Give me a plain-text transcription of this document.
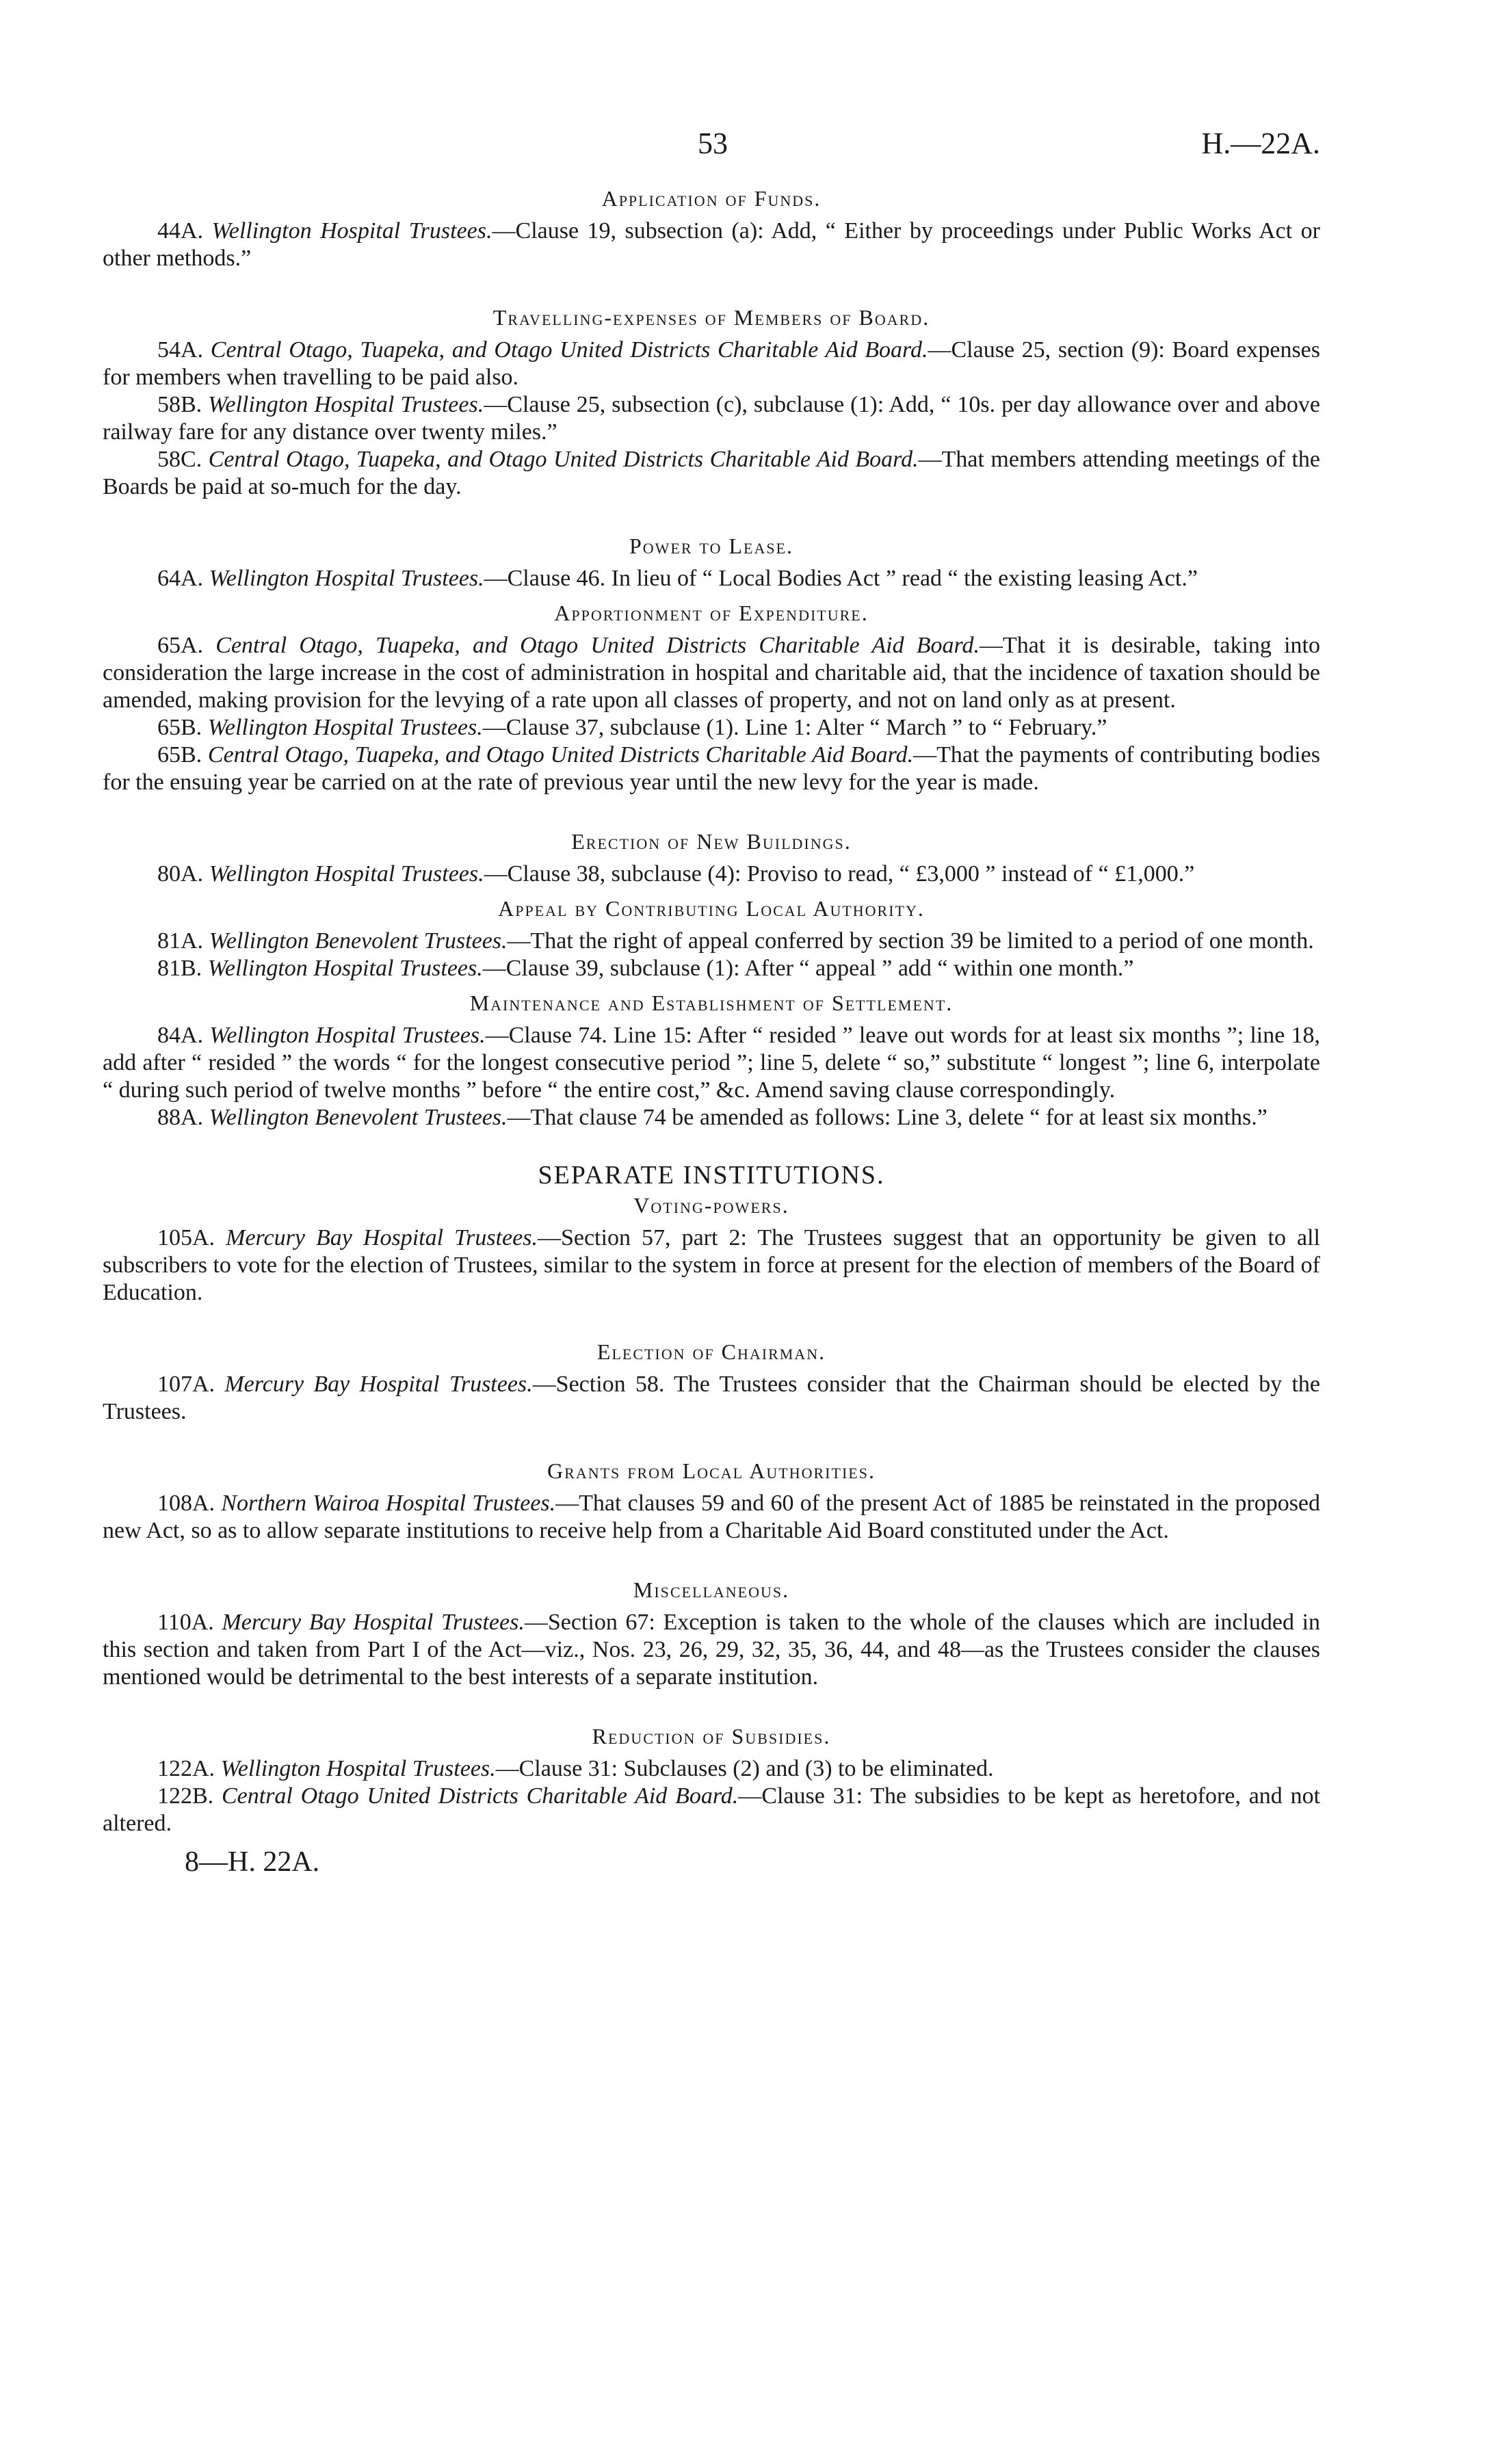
53	H.—22A.
Application of Funds.

44A. Wellington Hospital Trustees.—Clause 19, subsection (a): Add, “ Either by proceedings under Public Works Act or other methods.”

Travelling-expenses of Members of Board.

54A. Central Otago, Tuapeka, and Otago United Districts Charitable Aid Board.—Clause 25, section (9): Board expenses for members when travelling to be paid also.

58B. Wellington Hospital Trustees.—Clause 25, subsection (c), subclause (1): Add, “ 10s. per day allowance over and above railway fare for any distance over twenty miles.”

58C. Central Otago, Tuapeka, and Otago United Districts Charitable Aid Board.—That members attending meetings of the Boards be paid at so-much for the day.

Power to Lease.

64A. Wellington Hospital Trustees.—Clause 46. In lieu of “ Local Bodies Act ” read “ the existing leasing Act.”

Apportionment of Expenditure.

65A. Central Otago, Tuapeka, and Otago United Districts Charitable Aid Board.—That it is desirable, taking into consideration the large increase in the cost of administration in hospital and charitable aid, that the incidence of taxation should be amended, making provision for the levying of a rate upon all classes of property, and not on land only as at present.

65B. Wellington Hospital Trustees.—Clause 37, subclause (1). Line 1: Alter “ March ” to “ February.”

65B. Central Otago, Tuapeka, and Otago United Districts Charitable Aid Board.—That the payments of contributing bodies for the ensuing year be carried on at the rate of previous year until the new levy for the year is made.

Erection of New Buildings.

80A. Wellington Hospital Trustees.—Clause 38, subclause (4): Proviso to read, “ £3,000 ” instead of “ £1,000.”

Appeal by Contributing Local Authority.

81A. Wellington Benevolent Trustees.—That the right of appeal conferred by section 39 be limited to a period of one month.

81B. Wellington Hospital Trustees.—Clause 39, subclause (1): After “ appeal ” add “ within one month.”

Maintenance and Establishment of Settlement.

84A. Wellington Hospital Trustees.—Clause 74. Line 15: After “ resided ” leave out words for at least six months ”; line 18, add after “ resided ” the words “ for the longest consecutive period ”; line 5, delete “ so,” substitute “ longest ”; line 6, interpolate “ during such period of twelve months ” before “ the entire cost,” &c. Amend saving clause correspondingly.

88A. Wellington Benevolent Trustees.—That clause 74 be amended as follows: Line 3, delete “ for at least six months.”

SEPARATE INSTITUTIONS.
Voting-powers.

105A. Mercury Bay Hospital Trustees.—Section 57, part 2: The Trustees suggest that an opportunity be given to all subscribers to vote for the election of Trustees, similar to the system in force at present for the election of members of the Board of Education.

Election of Chairman.

107A. Mercury Bay Hospital Trustees.—Section 58. The Trustees consider that the Chairman should be elected by the Trustees.

Grants from Local Authorities.

108A. Northern Wairoa Hospital Trustees.—That clauses 59 and 60 of the present Act of 1885 be reinstated in the proposed new Act, so as to allow separate institutions to receive help from a Charitable Aid Board constituted under the Act.

Miscellaneous.

110A. Mercury Bay Hospital Trustees.—Section 67: Exception is taken to the whole of the clauses which are included in this section and taken from Part I of the Act—viz., Nos. 23, 26, 29, 32, 35, 36, 44, and 48—as the Trustees consider the clauses mentioned would be detrimental to the best interests of a separate institution.

Reduction of Subsidies.

122A. Wellington Hospital Trustees.—Clause 31: Subclauses (2) and (3) to be eliminated.

122B. Central Otago United Districts Charitable Aid Board.—Clause 31: The subsidies to be kept as heretofore, and not altered.

8—H. 22A.
